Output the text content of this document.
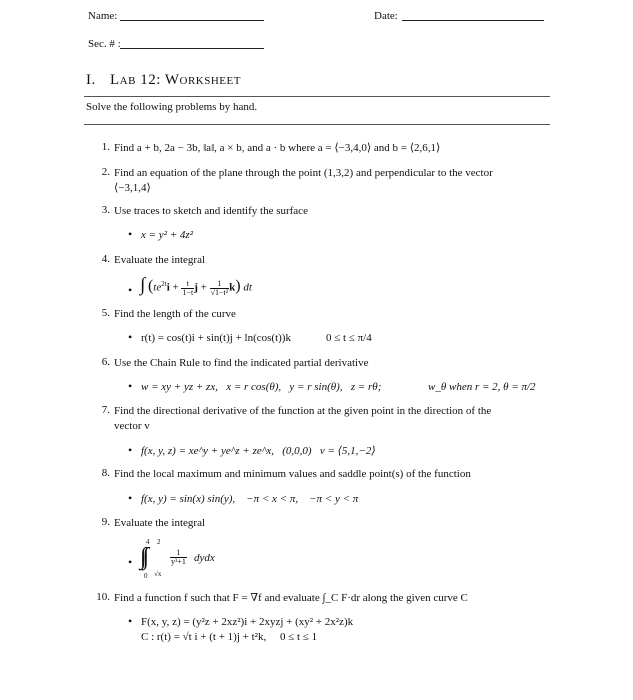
Name:	Date:
Sec. # :
I. Lab 12: Worksheet
Solve the following problems by hand.
1. Find a + b, 2a − 3b, ‖a‖, a × b, and a · b where a = ⟨−3,4,0⟩ and b = ⟨2,6,1⟩
2. Find an equation of the plane through the point (1,3,2) and perpendicular to the vector
⟨−3,1,4⟩
3. Use traces to sketch and identify the surface
• x = y² + 4z²
4. Evaluate the integral
• ∫ ($te^{2t}i + \frac{t}{1-t}$ $j + \frac{1}{\text{√1−t²}} k$) dt
5. Find the length of the curve
• r(t) = cos(t)i + sin(t)j + ln(cos(t))k	0 ≤ t ≤ π/4
6. Use the Chain Rule to find the indicated partial derivative
• w = xy + yz + zx,   x = r cos(θ),   y = r sin(θ),   z = rθ;	w_θ when r = 2, θ = π/2
7. Find the directional derivative of the function at the given point in the direction of the
vector v
• f(x, y, z) = xe^y + ye^z + ze^x,   (0,0,0)   v = ⟨5,1,−2⟩
8. Find the local maximum and minimum values and saddle point(s) of the function
• f(x, y) = sin(x) sin(y),    −π < x < π,    −π < y < π
9. Evaluate the integral
•
4 2
∫∫
0 √x
$\frac{1}{\text{y³+1}}$ dydx
10. Find a function f such that F = ∇f and evaluate ∫_C F·dr along the given curve C
• F(x, y, z) = (y²z + 2xz²)i + 2xyzj + (xy² + 2x²z)k
C : r(t) = √t i + (t + 1)j + t²k,     0 ≤ t ≤ 1
